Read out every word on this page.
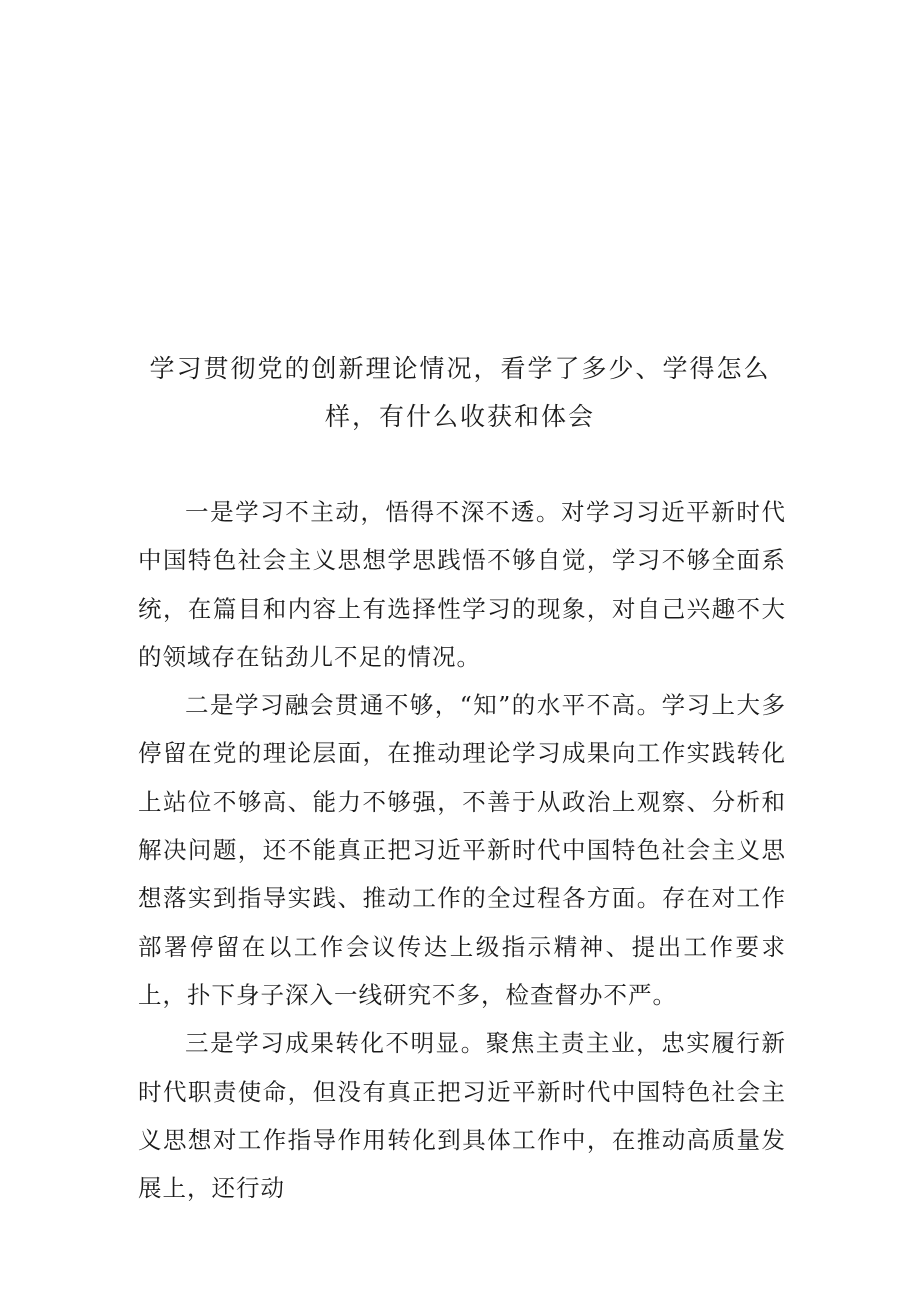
学习贯彻党的创新理论情况，看学了多少、学得怎么
样，有什么收获和体会

一是学习不主动，悟得不深不透。对学习习近平新时代中国特色社会主义思想学思践悟不够自觉，学习不够全面系统，在篇目和内容上有选择性学习的现象，对自己兴趣不大的领域存在钻劲儿不足的情况。

二是学习融会贯通不够，“知”的水平不高。学习上大多停留在党的理论层面，在推动理论学习成果向工作实践转化上站位不够高、能力不够强，不善于从政治上观察、分析和解决问题，还不能真正把习近平新时代中国特色社会主义思想落实到指导实践、推动工作的全过程各方面。存在对工作部署停留在以工作会议传达上级指示精神、提出工作要求上，扑下身子深入一线研究不多，检查督办不严。

三是学习成果转化不明显。聚焦主责主业，忠实履行新时代职责使命，但没有真正把习近平新时代中国特色社会主义思想对工作指导作用转化到具体工作中，在推动高质量发展上，还行动
